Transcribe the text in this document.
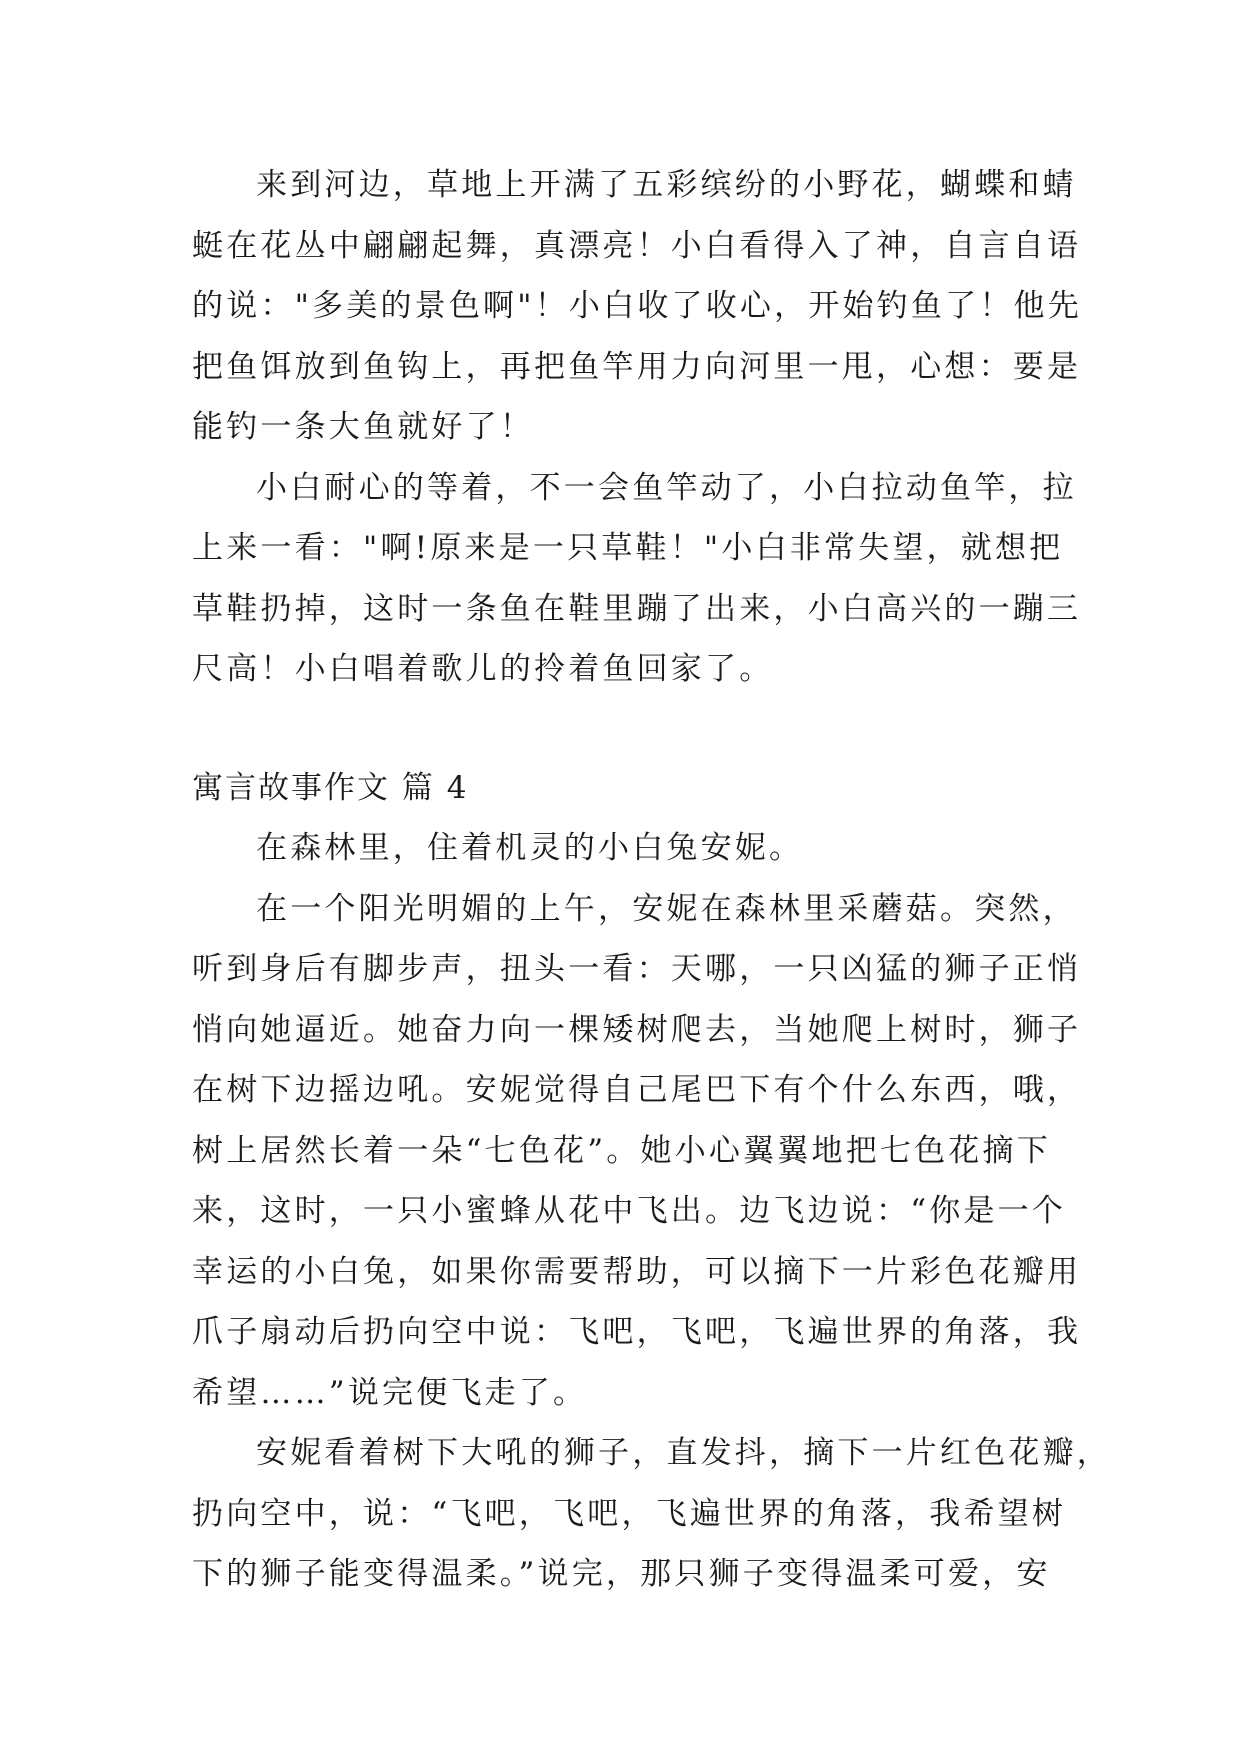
来到河边，草地上开满了五彩缤纷的小野花，蝴蝶和蜻
蜓在花丛中翩翩起舞，真漂亮！小白看得入了神，自言自语
的说："多美的景色啊"！小白收了收心，开始钓鱼了！他先
把鱼饵放到鱼钩上，再把鱼竿用力向河里一甩，心想：要是
能钓一条大鱼就好了！
小白耐心的等着，不一会鱼竿动了，小白拉动鱼竿，拉
上来一看："啊!原来是一只草鞋！"小白非常失望，就想把
草鞋扔掉，这时一条鱼在鞋里蹦了出来，小白高兴的一蹦三
尺高！小白唱着歌儿的拎着鱼回家了。
寓言故事作文 篇 4
在森林里，住着机灵的小白兔安妮。
在一个阳光明媚的上午，安妮在森林里采蘑菇。突然，
听到身后有脚步声，扭头一看：天哪，一只凶猛的狮子正悄
悄向她逼近。她奋力向一棵矮树爬去，当她爬上树时，狮子
在树下边摇边吼。安妮觉得自己尾巴下有个什么东西，哦，
树上居然长着一朵“七色花”。她小心翼翼地把七色花摘下
来，这时，一只小蜜蜂从花中飞出。边飞边说：“你是一个
幸运的小白兔，如果你需要帮助，可以摘下一片彩色花瓣用
爪子扇动后扔向空中说：飞吧，飞吧，飞遍世界的角落，我
希望……”说完便飞走了。
安妮看着树下大吼的狮子，直发抖，摘下一片红色花瓣，
扔向空中，说：“飞吧，飞吧，飞遍世界的角落，我希望树
下的狮子能变得温柔。”说完，那只狮子变得温柔可爱，安
